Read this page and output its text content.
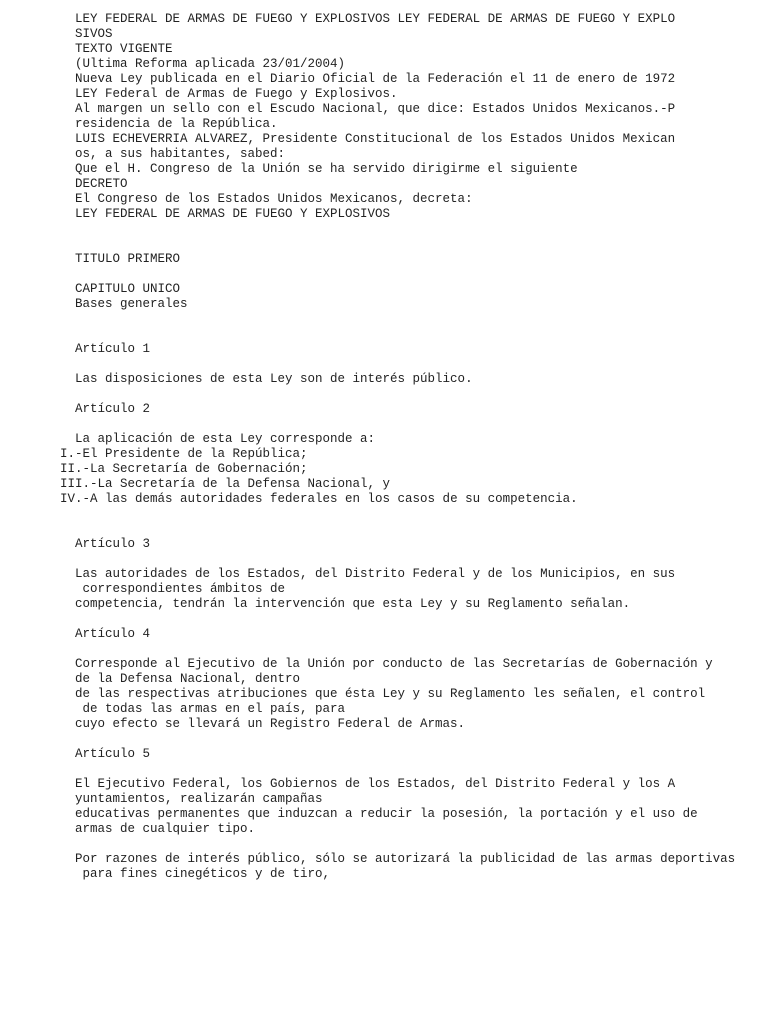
LEY FEDERAL DE ARMAS DE FUEGO Y EXPLOSIVOS LEY FEDERAL DE ARMAS DE FUEGO Y EXPLO
SIVOS
TEXTO VIGENTE
(Ultima Reforma aplicada 23/01/2004)
Nueva Ley publicada en el Diario Oficial de la Federación el 11 de enero de 1972
LEY Federal de Armas de Fuego y Explosivos.
Al margen un sello con el Escudo Nacional, que dice: Estados Unidos Mexicanos.-P
residencia de la República.
LUIS ECHEVERRIA ALVAREZ, Presidente Constitucional de los Estados Unidos Mexican
os, a sus habitantes, sabed:
Que el H. Congreso de la Unión se ha servido dirigirme el siguiente
DECRETO
El Congreso de los Estados Unidos Mexicanos, decreta:
LEY FEDERAL DE ARMAS DE FUEGO Y EXPLOSIVOS
TITULO PRIMERO
CAPITULO UNICO
Bases generales
Artículo 1
Las disposiciones de esta Ley son de interés público.
Artículo 2
La aplicación de esta Ley corresponde a:
I.-El Presidente de la República;
II.-La Secretaría de Gobernación;
III.-La Secretaría de la Defensa Nacional, y
IV.-A las demás autoridades federales en los casos de su competencia.
Artículo 3
Las autoridades de los Estados, del Distrito Federal y de los Municipios, en sus
correspondientes ámbitos de
competencia, tendrán la intervención que esta Ley y su Reglamento señalan.
Artículo 4
Corresponde al Ejecutivo de la Unión por conducto de las Secretarías de Gobernación y
de la Defensa Nacional, dentro
de las respectivas atribuciones que ésta Ley y su Reglamento les señalen, el control
de todas las armas en el país, para
cuyo efecto se llevará un Registro Federal de Armas.
Artículo 5
El Ejecutivo Federal, los Gobiernos de los Estados, del Distrito Federal y los A
yuntamientos, realizarán campañas
educativas permanentes que induzcan a reducir la posesión, la portación y el uso de
armas de cualquier tipo.
Por razones de interés público, sólo se autorizará la publicidad de las armas deportivas
para fines cinegéticos y de tiro,
